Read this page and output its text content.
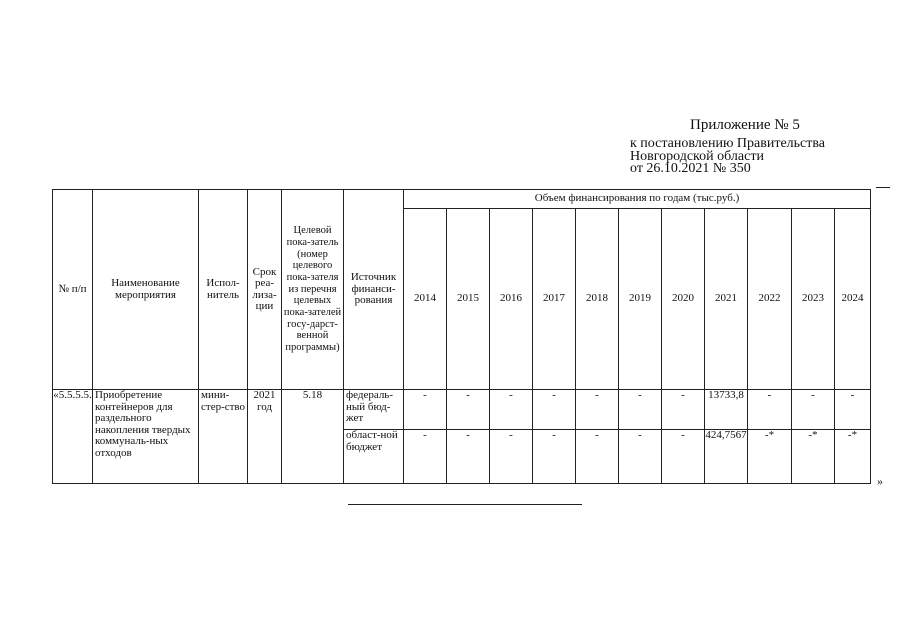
Приложение № 5
к постановлению Правительства
Новгородской области
от 26.10.2021 № 350
№ п/п	Наименование мероприятия	Испол-нитель	Срок реа-лиза-ции	Целевой пока-затель (номер целевого пока-зателя из перечня целевых пока-зателей госу-дарст-венной программы)	Источник финанси-рования	Объем финансирования по годам (тыс.руб.)										
						2014	2015	2016	2017	2018	2019	2020	2021	2022	2023	2024
«5.5.5.5.	Приобретение контейнеров для раздельного накопления твердых коммуналь-ных отходов	мини-стер-ство	2021 год	5.18	федераль-ный бюд-жет	-	-	-	-	-	-	-	13733,8	-	-	-
					област-ной бюджет	-	-	-	-	-	-	-	424,7567	-*	-*	-*
»
